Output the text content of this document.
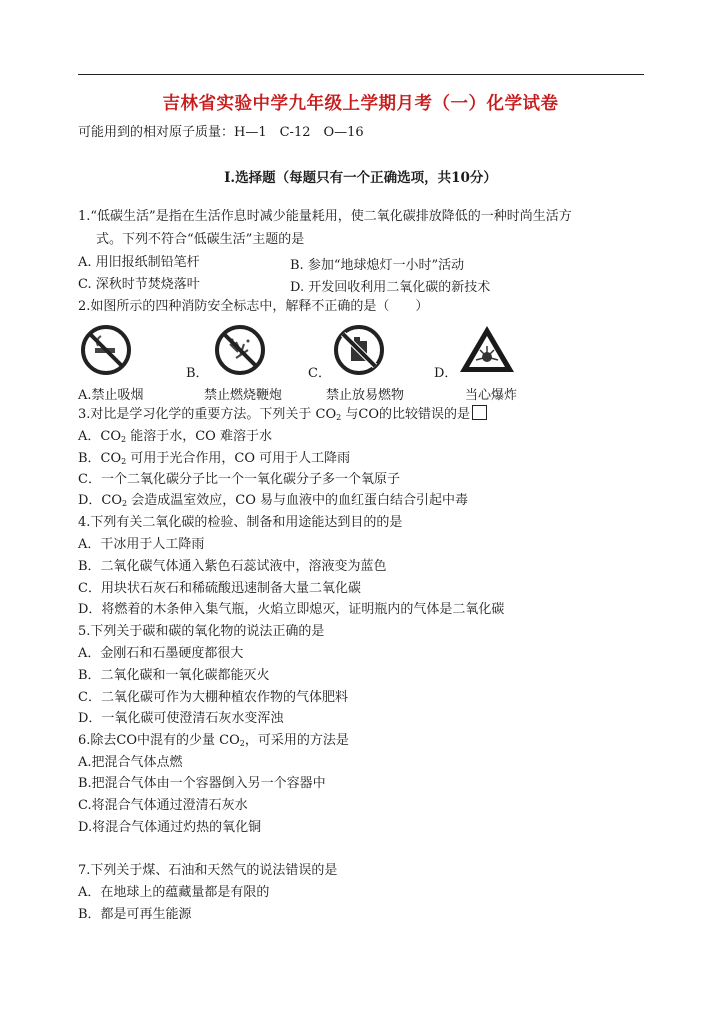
吉林省实验中学九年级上学期月考（一）化学试卷
可能用到的相对原子质量：H—1　C-12　O—16
I.选择题（每题只有一个正确选项，共10分）
1.“低碳生活”是指在生活作息时减少能量耗用，使二氧化碳排放降低的一种时尚生活方
式。下列不符合“低碳生活”主题的是
A. 用旧报纸制铅笔杆	B. 参加“地球熄灯一小时”活动
C. 深秋时节焚烧落叶	D. 开发回收利用二氧化碳的新技术
2.如图所示的四种消防安全标志中，解释不正确的是（　　）
B．	C．	D．
A.禁止吸烟	禁止燃烧鞭炮	禁止放易燃物	当心爆炸
3.对比是学习化学的重要方法。下列关于 $CO_2$ 与CO的比较错误的是
A．$CO_2$ 能溶于水，CO 难溶于水
B．$CO_2$ 可用于光合作用，CO 可用于人工降雨
C．一个二氧化碳分子比一个一氧化碳分子多一个氧原子
D．$CO_2$ 会造成温室效应，CO 易与血液中的血红蛋白结合引起中毒
4.下列有关二氧化碳的检验、制备和用途能达到目的的是
A．干冰用于人工降雨
B．二氧化碳气体通入紫色石蕊试液中，溶液变为蓝色
C．用块状石灰石和稀硫酸迅速制备大量二氧化碳
D．将燃着的木条伸入集气瓶，火焰立即熄灭，证明瓶内的气体是二氧化碳
5.下列关于碳和碳的氧化物的说法正确的是
A．金刚石和石墨硬度都很大
B．二氧化碳和一氧化碳都能灭火
C．二氧化碳可作为大棚种植农作物的气体肥料
D．一氧化碳可使澄清石灰水变浑浊
6.除去CO中混有的少量 $CO_2$，可采用的方法是
A.把混合气体点燃
B.把混合气体由一个容器倒入另一个容器中
C.将混合气体通过澄清石灰水
D.将混合气体通过灼热的氧化铜
7.下列关于煤、石油和天然气的说法错误的是
A．在地球上的蕴藏量都是有限的
B．都是可再生能源
